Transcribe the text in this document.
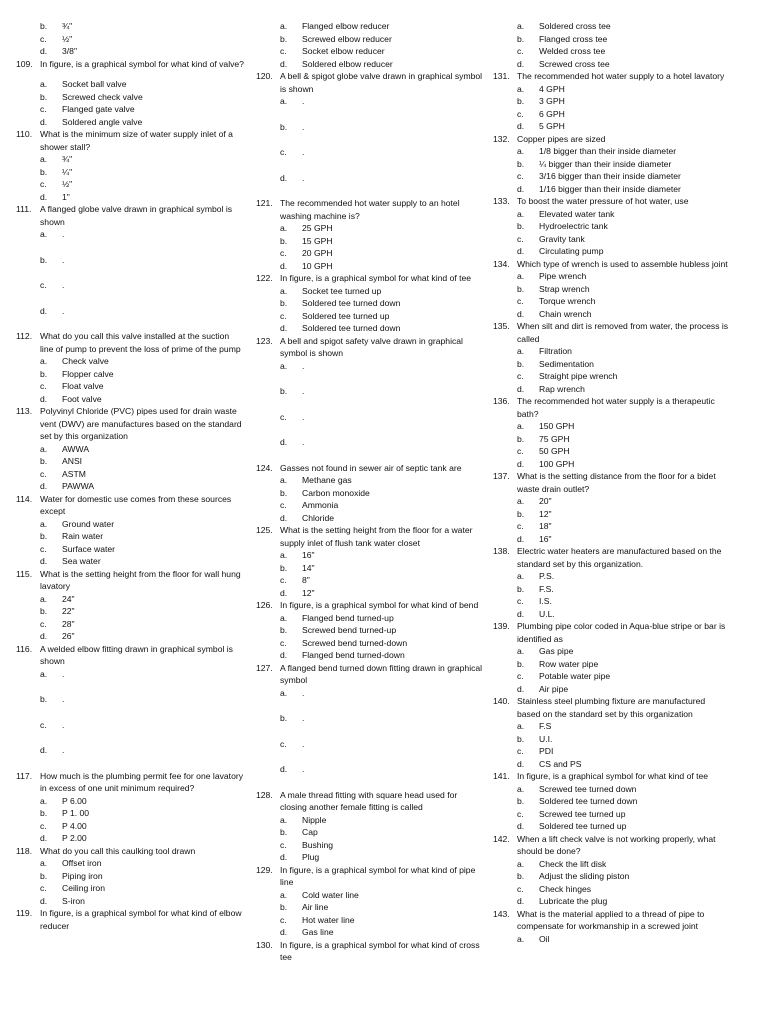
b.	¾"
c.	½"
d.	3/8"
109. In figure, is a graphical symbol for what kind of valve?
a.	Socket ball valve
b.	Screwed check valve
c.	Flanged gate valve
d.	Soldered angle valve
110. What is the minimum size of water supply inlet of a shower stall?
a.	¾"
b.	¼"
c.	½"
d.	1"
111. A flanged globe valve drawn in graphical symbol is shown
a.	.
b.	.
c.	.
d.	.
112. What do you call this valve installed at the suction line of pump to prevent the loss of prime of the pump
a.	Check valve
b.	Flopper calve
c.	Float valve
d.	Foot valve
113. Polyvinyl Chloride (PVC) pipes used for drain waste vent (DWV) are manufactures based on the standard set by this organization
a.	AWWA
b.	ANSI
c.	ASTM
d.	PAWWA
114. Water for domestic use comes from these sources except
a.	Ground water
b.	Rain water
c.	Surface water
d.	Sea water
115. What is the setting height from the floor for wall hung lavatory
a.	24"
b.	22"
c.	28"
d.	26"
116. A welded elbow fitting drawn in graphical symbol is shown
a.	.
b.	.
c.	.
d.	.
117. How much is the plumbing permit fee for one lavatory in excess of one unit minimum required?
a.	P 6.00
b.	P 1. 00
c.	P 4.00
d.	P 2.00
118. What do you call this caulking tool drawn
a.	Offset iron
b.	Piping iron
c.	Ceiling iron
d.	S-iron
119. In figure, is a graphical symbol for what kind of elbow reducer
a.	Flanged elbow reducer
b.	Screwed elbow reducer
c.	Socket elbow reducer
d.	Soldered elbow reducer
120. A bell & spigot globe valve drawn in graphical symbol is shown
a.	.
b.	.
c.	.
d.	.
121. The recommended hot water supply to an hotel washing machine is?
a.	25 GPH
b.	15 GPH
c.	20 GPH
d.	10 GPH
122. In figure, is a graphical symbol for what kind of tee
a.	Socket tee turned up
b.	Soldered tee turned down
c.	Soldered tee turned up
d.	Soldered tee turned down
123. A bell and spigot safety valve drawn in graphical symbol is shown
a.	.
b.	.
c.	.
d.	.
124. Gasses not found in sewer air of septic tank are
a.	Methane gas
b.	Carbon monoxide
c.	Ammonia
d.	Chloride
125. What is the setting height from the floor for a water supply inlet of flush tank water closet
a.	16"
b.	14"
c.	8"
d.	12"
126. In figure, is a graphical symbol for what kind of bend
a.	Flanged bend turned-up
b.	Screwed bend turned-up
c.	Screwed bend turned-down
d.	Flanged bend turned-down
127. A flanged bend turned down fitting drawn in graphical symbol
a.	.
b.	.
c.	.
d.	.
128. A male thread fitting with square head used for closing another female fitting is called
a.	Nipple
b.	Cap
c.	Bushing
d.	Plug
129. In figure, is a graphical symbol for what kind of pipe line
a.	Cold water line
b.	Air line
c.	Hot water line
d.	Gas line
130. In figure, is a graphical symbol for what kind of cross tee
a.	Soldered cross tee
b.	Flanged cross tee
c.	Welded cross tee
d.	Screwed cross tee
131. The recommended hot water supply to a hotel lavatory
a.	4 GPH
b.	3 GPH
c.	6 GPH
d.	5 GPH
132. Copper pipes are sized
a.	1/8 bigger than their inside diameter
b.	¼ bigger than their inside diameter
c.	3/16 bigger than their inside diameter
d.	1/16 bigger than their inside diameter
133. To boost the water pressure of hot water, use
a.	Elevated water tank
b.	Hydroelectric tank
c.	Gravity tank
d.	Circulating pump
134. Which type of wrench is used to assemble hubless joint
a.	Pipe wrench
b.	Strap wrench
c.	Torque wrench
d.	Chain wrench
135. When silt and dirt is removed from water, the process is called
a.	Filtration
b.	Sedimentation
c.	Straight pipe wrench
d.	Rap wrench
136. The recommended hot water supply is a therapeutic bath?
a.	150 GPH
b.	75 GPH
c.	50 GPH
d.	100 GPH
137. What is the setting distance from the floor for a bidet waste drain outlet?
a.	20"
b.	12"
c.	18"
d.	16"
138. Electric water heaters are manufactured based on the standard set by this organization.
a.	P.S.
b.	F.S.
c.	I.S.
d.	U.L.
139. Plumbing pipe color coded in Aqua-blue stripe or bar is identified as
a.	Gas pipe
b.	Row water pipe
c.	Potable water pipe
d.	Air pipe
140. Stainless steel plumbing fixture are manufactured based on the standard set by this organization
a.	F.S
b.	U.I.
c.	PDI
d.	CS and PS
141. In figure, is a graphical symbol for what kind of tee
a.	Screwed tee turned down
b.	Soldered tee turned down
c.	Screwed tee turned up
d.	Soldered tee turned up
142. When a lift check valve is not working properly, what should be done?
a.	Check the lift disk
b.	Adjust the sliding piston
c.	Check hinges
d.	Lubricate the plug
143. What is the material applied to a thread of pipe to compensate for workmanship in a screwed joint
a.	Oil
